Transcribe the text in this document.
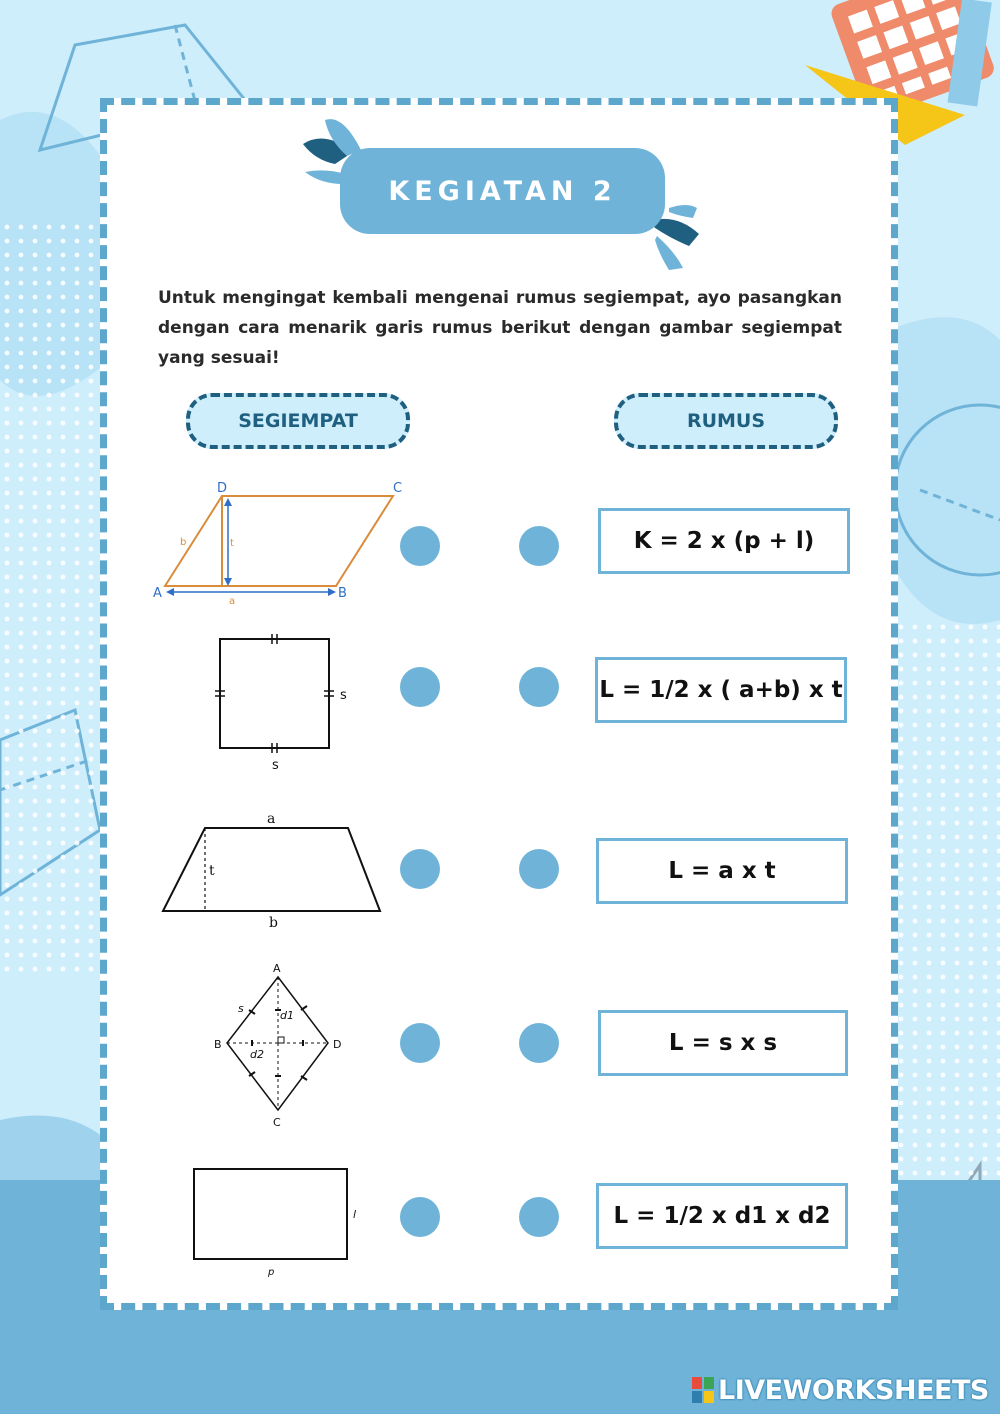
KEGIATAN 2

Untuk mengingat kembali mengenai rumus segiempat, ayo pasangkan dengan cara menarik garis rumus berikut dengan gambar segiempat yang sesuai!

SEGIEMPAT	RUMUS
D	C
A	B
b	t
a
s
s
a
t
b
A
B
C
D
s
d1
d2
l
p
K = 2 x (p + l)
L = 1/2 x ( a+b) x t
L = a x t
L = s x s
L = 1/2 x d1 x d2
LIVEWORKSHEETS
